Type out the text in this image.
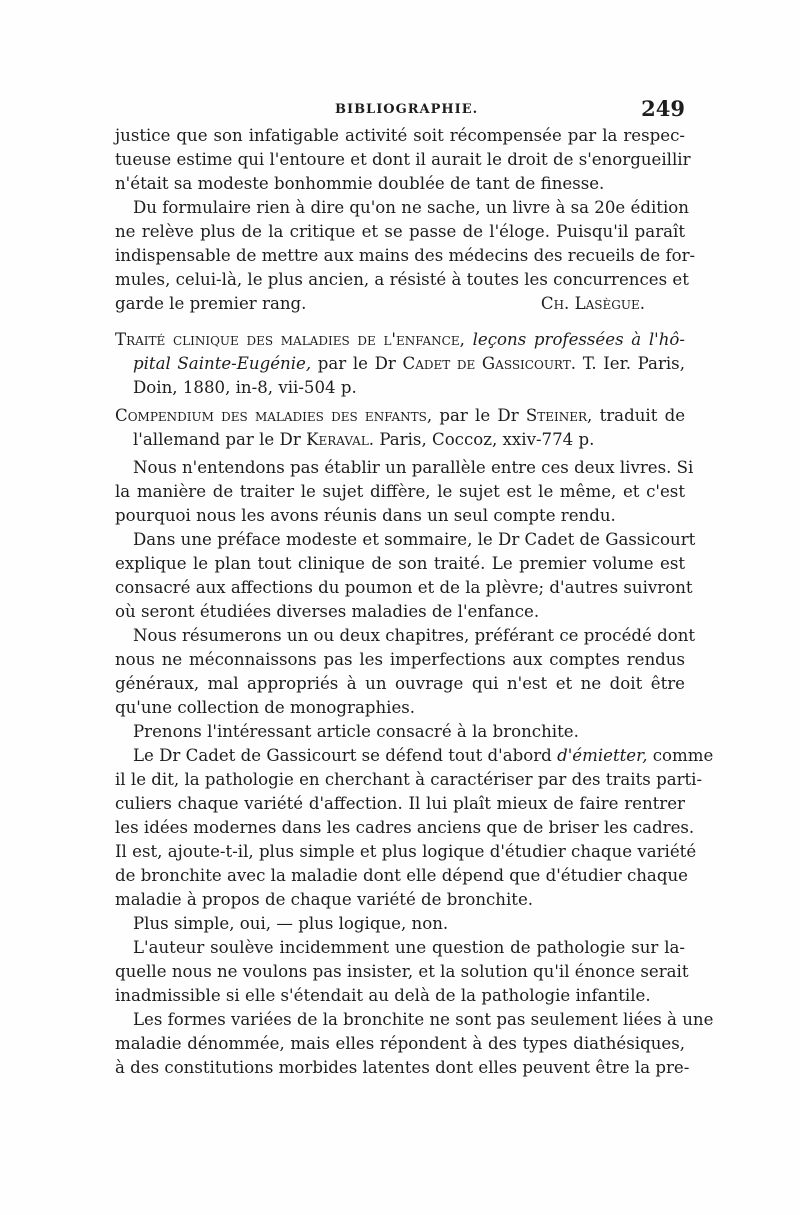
BIBLIOGRAPHIE.	249
justice que son infatigable activité soit récompensée par la respec-
tueuse estime qui l'entoure et dont il aurait le droit de s'enorgueillir
n'était sa modeste bonhommie doublée de tant de finesse.
Du formulaire rien à dire qu'on ne sache, un livre à sa 20e édition
ne relève plus de la critique et se passe de l'éloge. Puisqu'il paraît
indispensable de mettre aux mains des médecins des recueils de for-
mules, celui-là, le plus ancien, a résisté à toutes les concurrences et
garde le premier rang.	Ch. Lasègue.
Traité clinique des maladies de l'enfance, leçons professées à l'hô-
pital Sainte-Eugénie, par le Dr Cadet de Gassicourt. T. Ier. Paris,
Doin, 1880, in-8, vii-504 p.
Compendium des maladies des enfants, par le Dr Steiner, traduit de
l'allemand par le Dr Keraval. Paris, Coccoz, xxiv-774 p.
Nous n'entendons pas établir un parallèle entre ces deux livres. Si
la manière de traiter le sujet diffère, le sujet est le même, et c'est
pourquoi nous les avons réunis dans un seul compte rendu.
Dans une préface modeste et sommaire, le Dr Cadet de Gassicourt
explique le plan tout clinique de son traité. Le premier volume est
consacré aux affections du poumon et de la plèvre; d'autres suivront
où seront étudiées diverses maladies de l'enfance.
Nous résumerons un ou deux chapitres, préférant ce procédé dont
nous ne méconnaissons pas les imperfections aux comptes rendus
généraux, mal appropriés à un ouvrage qui n'est et ne doit être
qu'une collection de monographies.
Prenons l'intéressant article consacré à la bronchite.
Le Dr Cadet de Gassicourt se défend tout d'abord d'émietter, comme
il le dit, la pathologie en cherchant à caractériser par des traits parti-
culiers chaque variété d'affection. Il lui plaît mieux de faire rentrer
les idées modernes dans les cadres anciens que de briser les cadres.
Il est, ajoute-t-il, plus simple et plus logique d'étudier chaque variété
de bronchite avec la maladie dont elle dépend que d'étudier chaque
maladie à propos de chaque variété de bronchite.
Plus simple, oui, — plus logique, non.
L'auteur soulève incidemment une question de pathologie sur la-
quelle nous ne voulons pas insister, et la solution qu'il énonce serait
inadmissible si elle s'étendait au delà de la pathologie infantile.
Les formes variées de la bronchite ne sont pas seulement liées à une
maladie dénommée, mais elles répondent à des types diathésiques,
à des constitutions morbides latentes dont elles peuvent être la pre-
